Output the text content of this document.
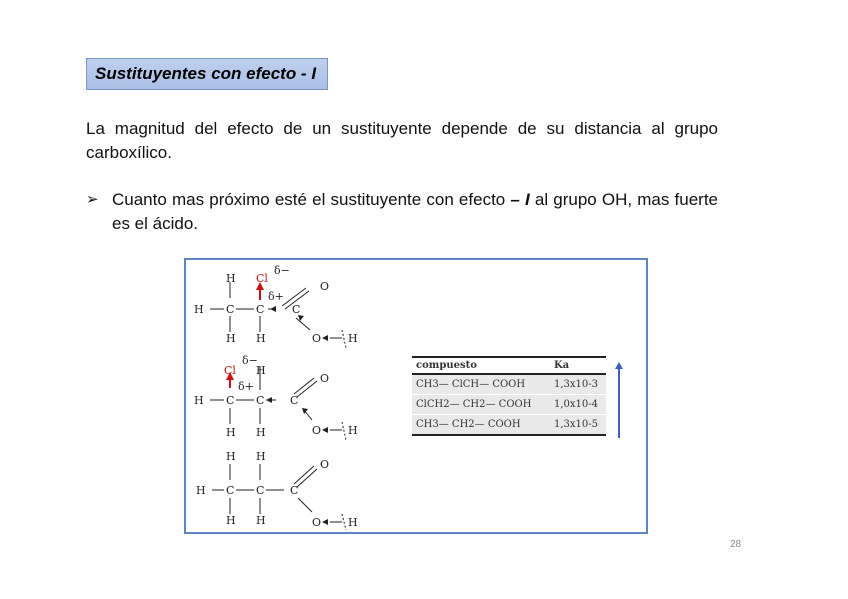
Sustituyentes con efecto - I
La magnitud del efecto de un sustituyente depende de su distancia al grupo carboxílico.
➢ Cuanto mas próximo esté el sustituyente con efecto – I al grupo OH, mas fuerte es el ácido.
H Cl
δ−
δ+
H C C	C
O
H H	O H
δ−
Cl
δ+
H
H C C C
O
H H	O H
H H
H C C C
O
H H	O H
compuesto	Ka
CH3— ClCH— COOH	1,3x10-3
ClCH2— CH2— COOH	1,0x10-4
CH3— CH2— COOH	1,3x10-5
28
